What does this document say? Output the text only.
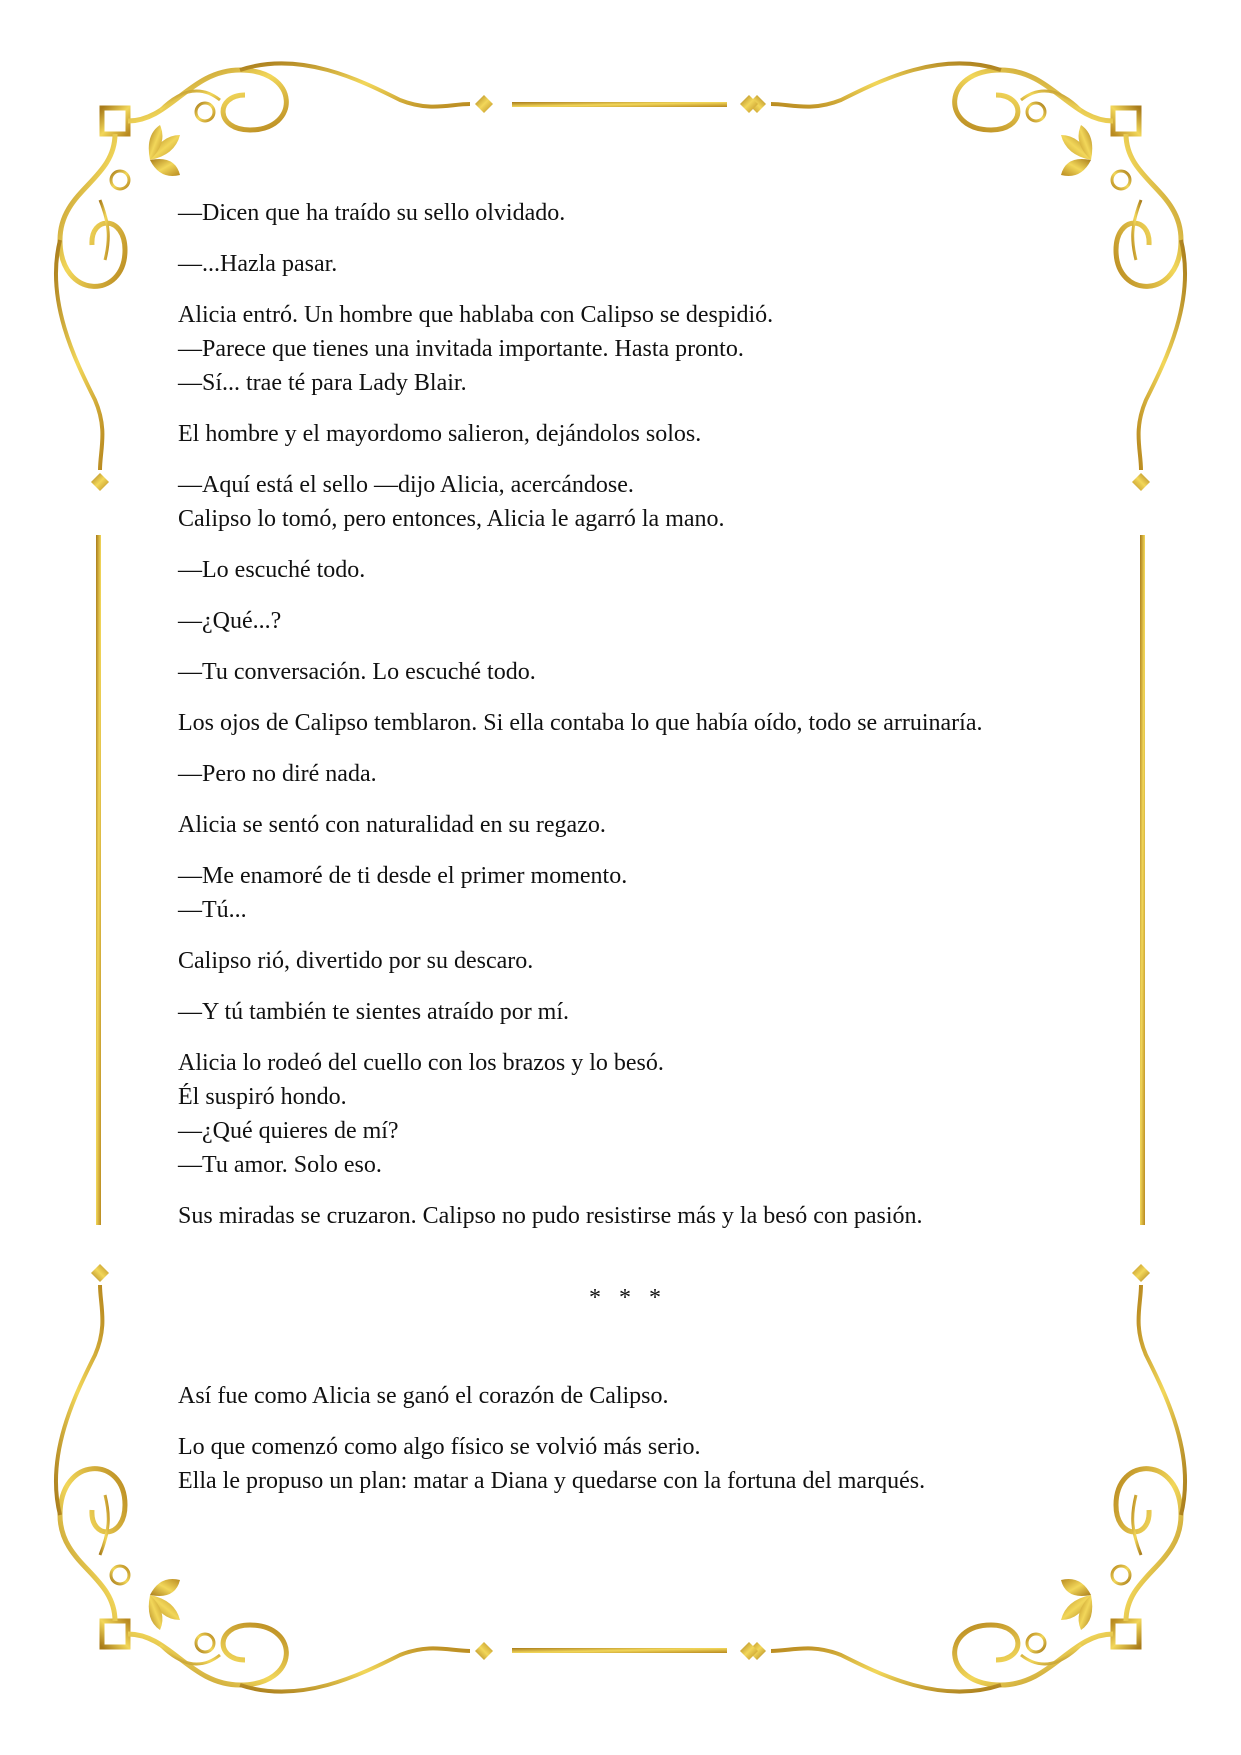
—Dicen que ha traído su sello olvidado.
—...Hazla pasar.
Alicia entró. Un hombre que hablaba con Calipso se despidió.
—Parece que tienes una invitada importante. Hasta pronto.
—Sí... trae té para Lady Blair.
El hombre y el mayordomo salieron, dejándolos solos.
—Aquí está el sello —dijo Alicia, acercándose.
Calipso lo tomó, pero entonces, Alicia le agarró la mano.
—Lo escuché todo.
—¿Qué...?
—Tu conversación. Lo escuché todo.
Los ojos de Calipso temblaron. Si ella contaba lo que había oído, todo se arruinaría.
—Pero no diré nada.
Alicia se sentó con naturalidad en su regazo.
—Me enamoré de ti desde el primer momento.
—Tú...
Calipso rió, divertido por su descaro.
—Y tú también te sientes atraído por mí.
Alicia lo rodeó del cuello con los brazos y lo besó.
Él suspiró hondo.
—¿Qué quieres de mí?
—Tu amor. Solo eso.
Sus miradas se cruzaron. Calipso no pudo resistirse más y la besó con pasión.
* * *
Así fue como Alicia se ganó el corazón de Calipso.
Lo que comenzó como algo físico se volvió más serio.
Ella le propuso un plan: matar a Diana y quedarse con la fortuna del marqués.
